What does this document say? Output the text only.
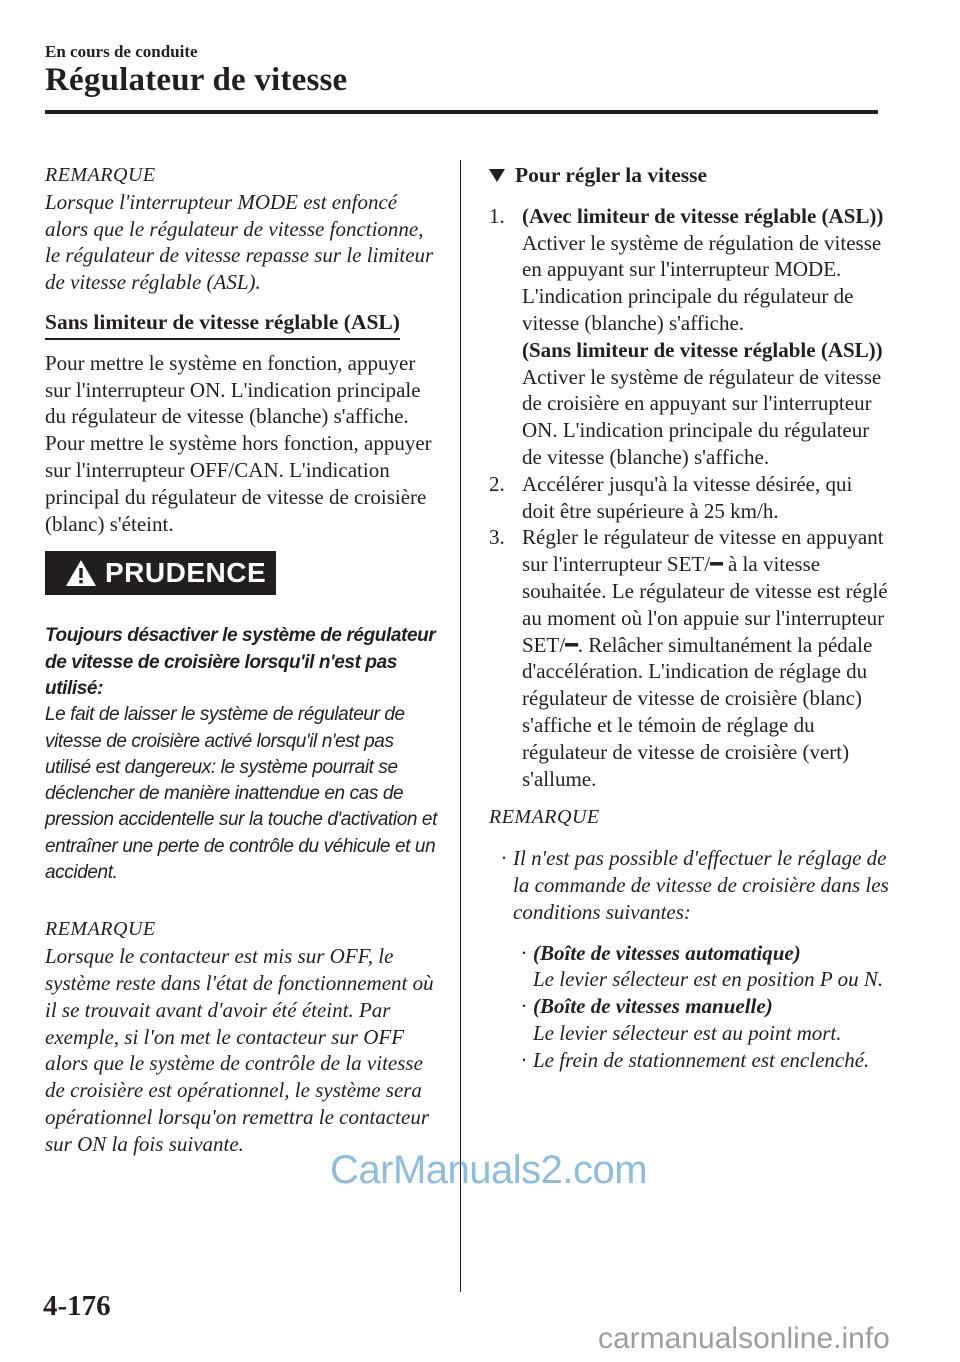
En cours de conduite
Régulateur de vitesse

REMARQUE

Lorsque l'interrupteur MODE est enfoncé alors que le régulateur de vitesse fonctionne, le régulateur de vitesse repasse sur le limiteur de vitesse réglable (ASL).

Sans limiteur de vitesse réglable (ASL)

Pour mettre le système en fonction, appuyer sur l'interrupteur ON. L'indication principale du régulateur de vitesse (blanche) s'affiche.

Pour mettre le système hors fonction, appuyer sur l'interrupteur OFF/CAN. L'indication principal du régulateur de vitesse de croisière (blanc) s'éteint.

PRUDENCE

Toujours désactiver le système de régulateur de vitesse de croisière lorsqu'il n'est pas utilisé:

Le fait de laisser le système de régulateur de vitesse de croisière activé lorsqu'il n'est pas utilisé est dangereux: le système pourrait se déclencher de manière inattendue en cas de pression accidentelle sur la touche d'activation et entraîner une perte de contrôle du véhicule et un accident.

REMARQUE

Lorsque le contacteur est mis sur OFF, le système reste dans l'état de fonctionnement où il se trouvait avant d'avoir été éteint. Par exemple, si l'on met le contacteur sur OFF alors que le système de contrôle de la vitesse de croisière est opérationnel, le système sera opérationnel lorsqu'on remettra le contacteur sur ON la fois suivante.

Pour régler la vitesse
1. (Avec limiteur de vitesse réglable (ASL))

Activer le système de régulation de vitesse en appuyant sur l'interrupteur MODE. L'indication principale du régulateur de vitesse (blanche) s'affiche.

(Sans limiteur de vitesse réglable (ASL))

Activer le système de régulateur de vitesse de croisière en appuyant sur l'interrupteur ON. L'indication principale du régulateur de vitesse (blanche) s'affiche.

2. Accélérer jusqu'à la vitesse désirée, qui doit être supérieure à 25 km/h.

3. Régler le régulateur de vitesse en appuyant sur l'interrupteur SET/━ à la vitesse souhaitée. Le régulateur de vitesse est réglé au moment où l'on appuie sur l'interrupteur SET/━. Relâcher simultanément la pédale d'accélération. L'indication de réglage du régulateur de vitesse de croisière (blanc) s'affiche et le témoin de réglage du régulateur de vitesse de croisière (vert) s'allume.

REMARQUE

· Il n'est pas possible d'effectuer le réglage de la commande de vitesse de croisière dans les conditions suivantes:
· (Boîte de vitesses automatique)

Le levier sélecteur est en position P ou N.

· (Boîte de vitesses manuelle)

Le levier sélecteur est au point mort.

· Le frein de stationnement est enclenché.

4-176
CarManuals2.com
carmanualsonline.info
